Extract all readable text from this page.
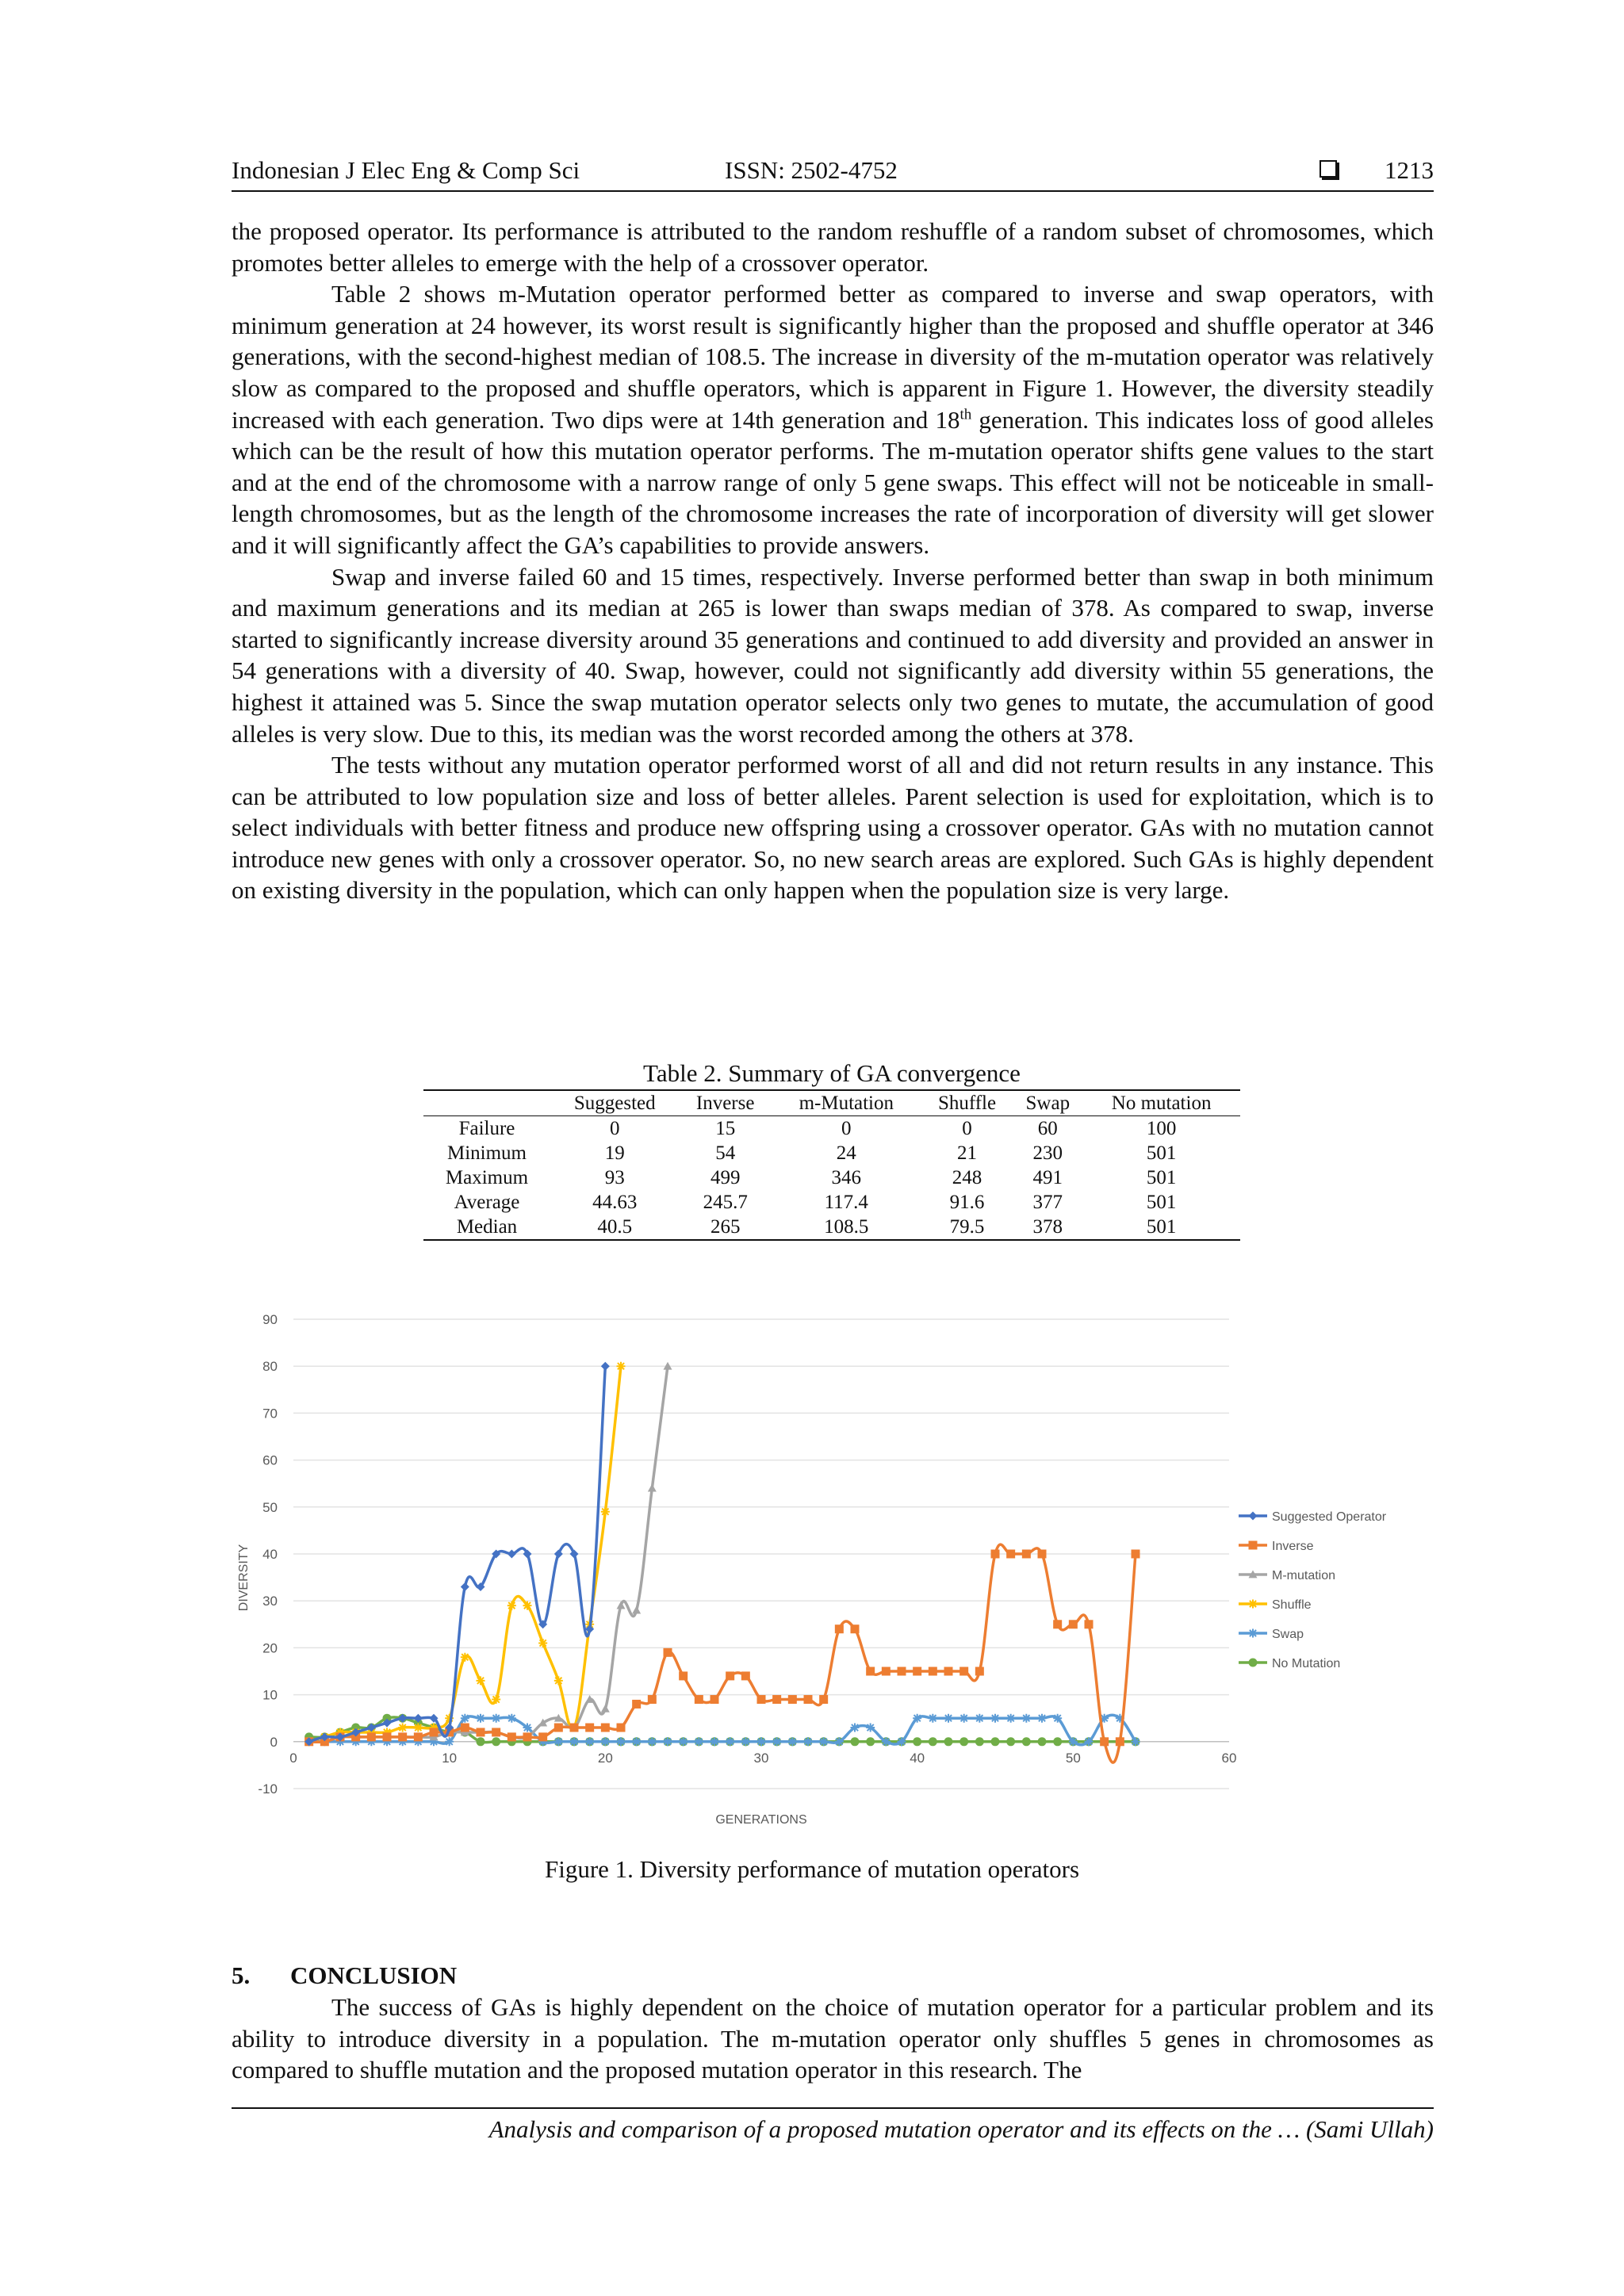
Indonesian J Elec Eng & Comp Sci	ISSN: 2502-4752	1213

the proposed operator. Its performance is attributed to the random reshuffle of a random subset of chromosomes, which promotes better alleles to emerge with the help of a crossover operator.

Table 2 shows m-Mutation operator performed better as compared to inverse and swap operators, with minimum generation at 24 however, its worst result is significantly higher than the proposed and shuffle operator at 346 generations, with the second-highest median of 108.5. The increase in diversity of the m-mutation operator was relatively slow as compared to the proposed and shuffle operators, which is apparent in Figure 1. However, the diversity steadily increased with each generation. Two dips were at 14th generation and 18th generation. This indicates loss of good alleles which can be the result of how this mutation operator performs. The m-mutation operator shifts gene values to the start and at the end of the chromosome with a narrow range of only 5 gene swaps. This effect will not be noticeable in small-length chromosomes, but as the length of the chromosome increases the rate of incorporation of diversity will get slower and it will significantly affect the GA’s capabilities to provide answers.

Swap and inverse failed 60 and 15 times, respectively. Inverse performed better than swap in both minimum and maximum generations and its median at 265 is lower than swaps median of 378. As compared to swap, inverse started to significantly increase diversity around 35 generations and continued to add diversity and provided an answer in 54 generations with a diversity of 40. Swap, however, could not significantly add diversity within 55 generations, the highest it attained was 5. Since the swap mutation operator selects only two genes to mutate, the accumulation of good alleles is very slow. Due to this, its median was the worst recorded among the others at 378.

The tests without any mutation operator performed worst of all and did not return results in any instance. This can be attributed to low population size and loss of better alleles. Parent selection is used for exploitation, which is to select individuals with better fitness and produce new offspring using a crossover operator. GAs with no mutation cannot introduce new genes with only a crossover operator. So, no new search areas are explored. Such GAs is highly dependent on existing diversity in the population, which can only happen when the population size is very large.

Table 2. Summary of GA convergence
	Suggested	Inverse	m-Mutation	Shuffle	Swap	No mutation
Failure	0	15	0	0	60	100
Minimum	19	54	24	21	230	501
Maximum	93	499	346	248	491	501
Average	44.63	245.7	117.4	91.6	377	501
Median	40.5	265	108.5	79.5	378	501
-10
0
10
20
30
40
50
60
70
80
90
0	10	20	30	40	50	60
GENERATIONS
DIVERSITY
Suggested Operator
Inverse
M-mutation
Shuffle
Swap
No Mutation
Figure 1. Diversity performance of mutation operators
5. CONCLUSION

The success of GAs is highly dependent on the choice of mutation operator for a particular problem and its ability to introduce diversity in a population. The m-mutation operator only shuffles 5 genes in chromosomes as compared to shuffle mutation and the proposed mutation operator in this research. The

Analysis and comparison of a proposed mutation operator and its effects on the … (Sami Ullah)
